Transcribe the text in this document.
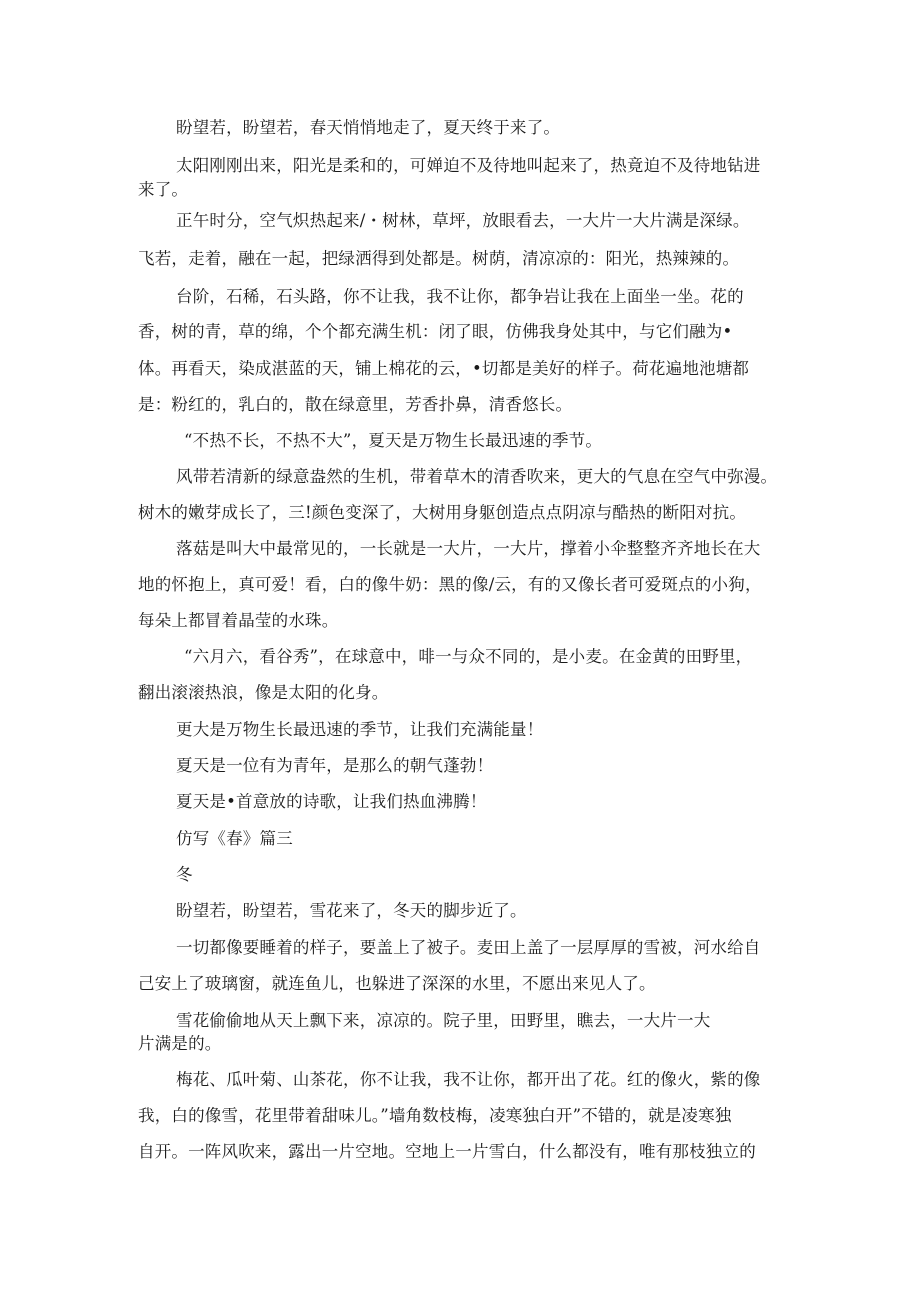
盼望若，盼望若，春天悄悄地走了，夏天终于来了。
太阳刚刚出来，阳光是柔和的，可婵迫不及待地叫起来了，热竟迫不及待地钻进
来了。
正午时分，空气炽热起来/・树林，草坪，放眼看去，一大片一大片满是深绿。
飞若，走着，融在一起，把绿洒得到处都是。树荫，清凉凉的：阳光，热辣辣的。
台阶，石稀，石头路，你不让我，我不让你，都争岩让我在上面坐一坐。花的
香，树的青，草的绵，个个都充满生机：闭了眼，仿佛我身处其中，与它们融为•
体。再看天，染成湛蓝的天，铺上棉花的云，•切都是美好的样子。荷花遍地池塘都
是：粉红的，乳白的，散在绿意里，芳香扑鼻，清香悠长。
“不热不长，不热不大”，夏天是万物生长最迅速的季节。
风带若清新的绿意盎然的生机，带着草木的清香吹来，更大的气息在空气中弥漫。
树木的嫩芽成长了，三!颜色变深了，大树用身躯创造点点阴凉与酷热的断阳对抗。
落菇是叫大中最常见的，一长就是一大片，一大片，撑着小伞整整齐齐地长在大
地的怀抱上，真可爱！看，白的像牛奶：黑的像/云，有的又像长者可爱斑点的小狗，
每朵上都冒着晶莹的水珠。
“六月六，看谷秀”，在球意中，啡一与众不同的，是小麦。在金黄的田野里，
翻出滚滚热浪，像是太阳的化身。
更大是万物生长最迅速的季节，让我们充满能量！
夏天是一位有为青年，是那么的朝气蓬勃！
夏天是•首意放的诗歌，让我们热血沸腾！
仿写《春》篇三
冬
盼望若，盼望若，雪花来了，冬天的脚步近了。
一切都像要睡着的样子，要盖上了被子。麦田上盖了一层厚厚的雪被，河水给自
己安上了玻璃窗，就连鱼儿，也躲进了深深的水里，不愿出来见人了。
雪花偷偷地从天上飘下来，凉凉的。院子里，田野里，瞧去，一大片一大
片满是的。
梅花、瓜叶菊、山茶花，你不让我，我不让你，都开出了花。红的像火，紫的像
我，白的像雪，花里带着甜味儿。”墙角数枝梅，凌寒独白开”不错的，就是凌寒独
自开。一阵风吹来，露出一片空地。空地上一片雪白，什么都没有，唯有那枝独立的
